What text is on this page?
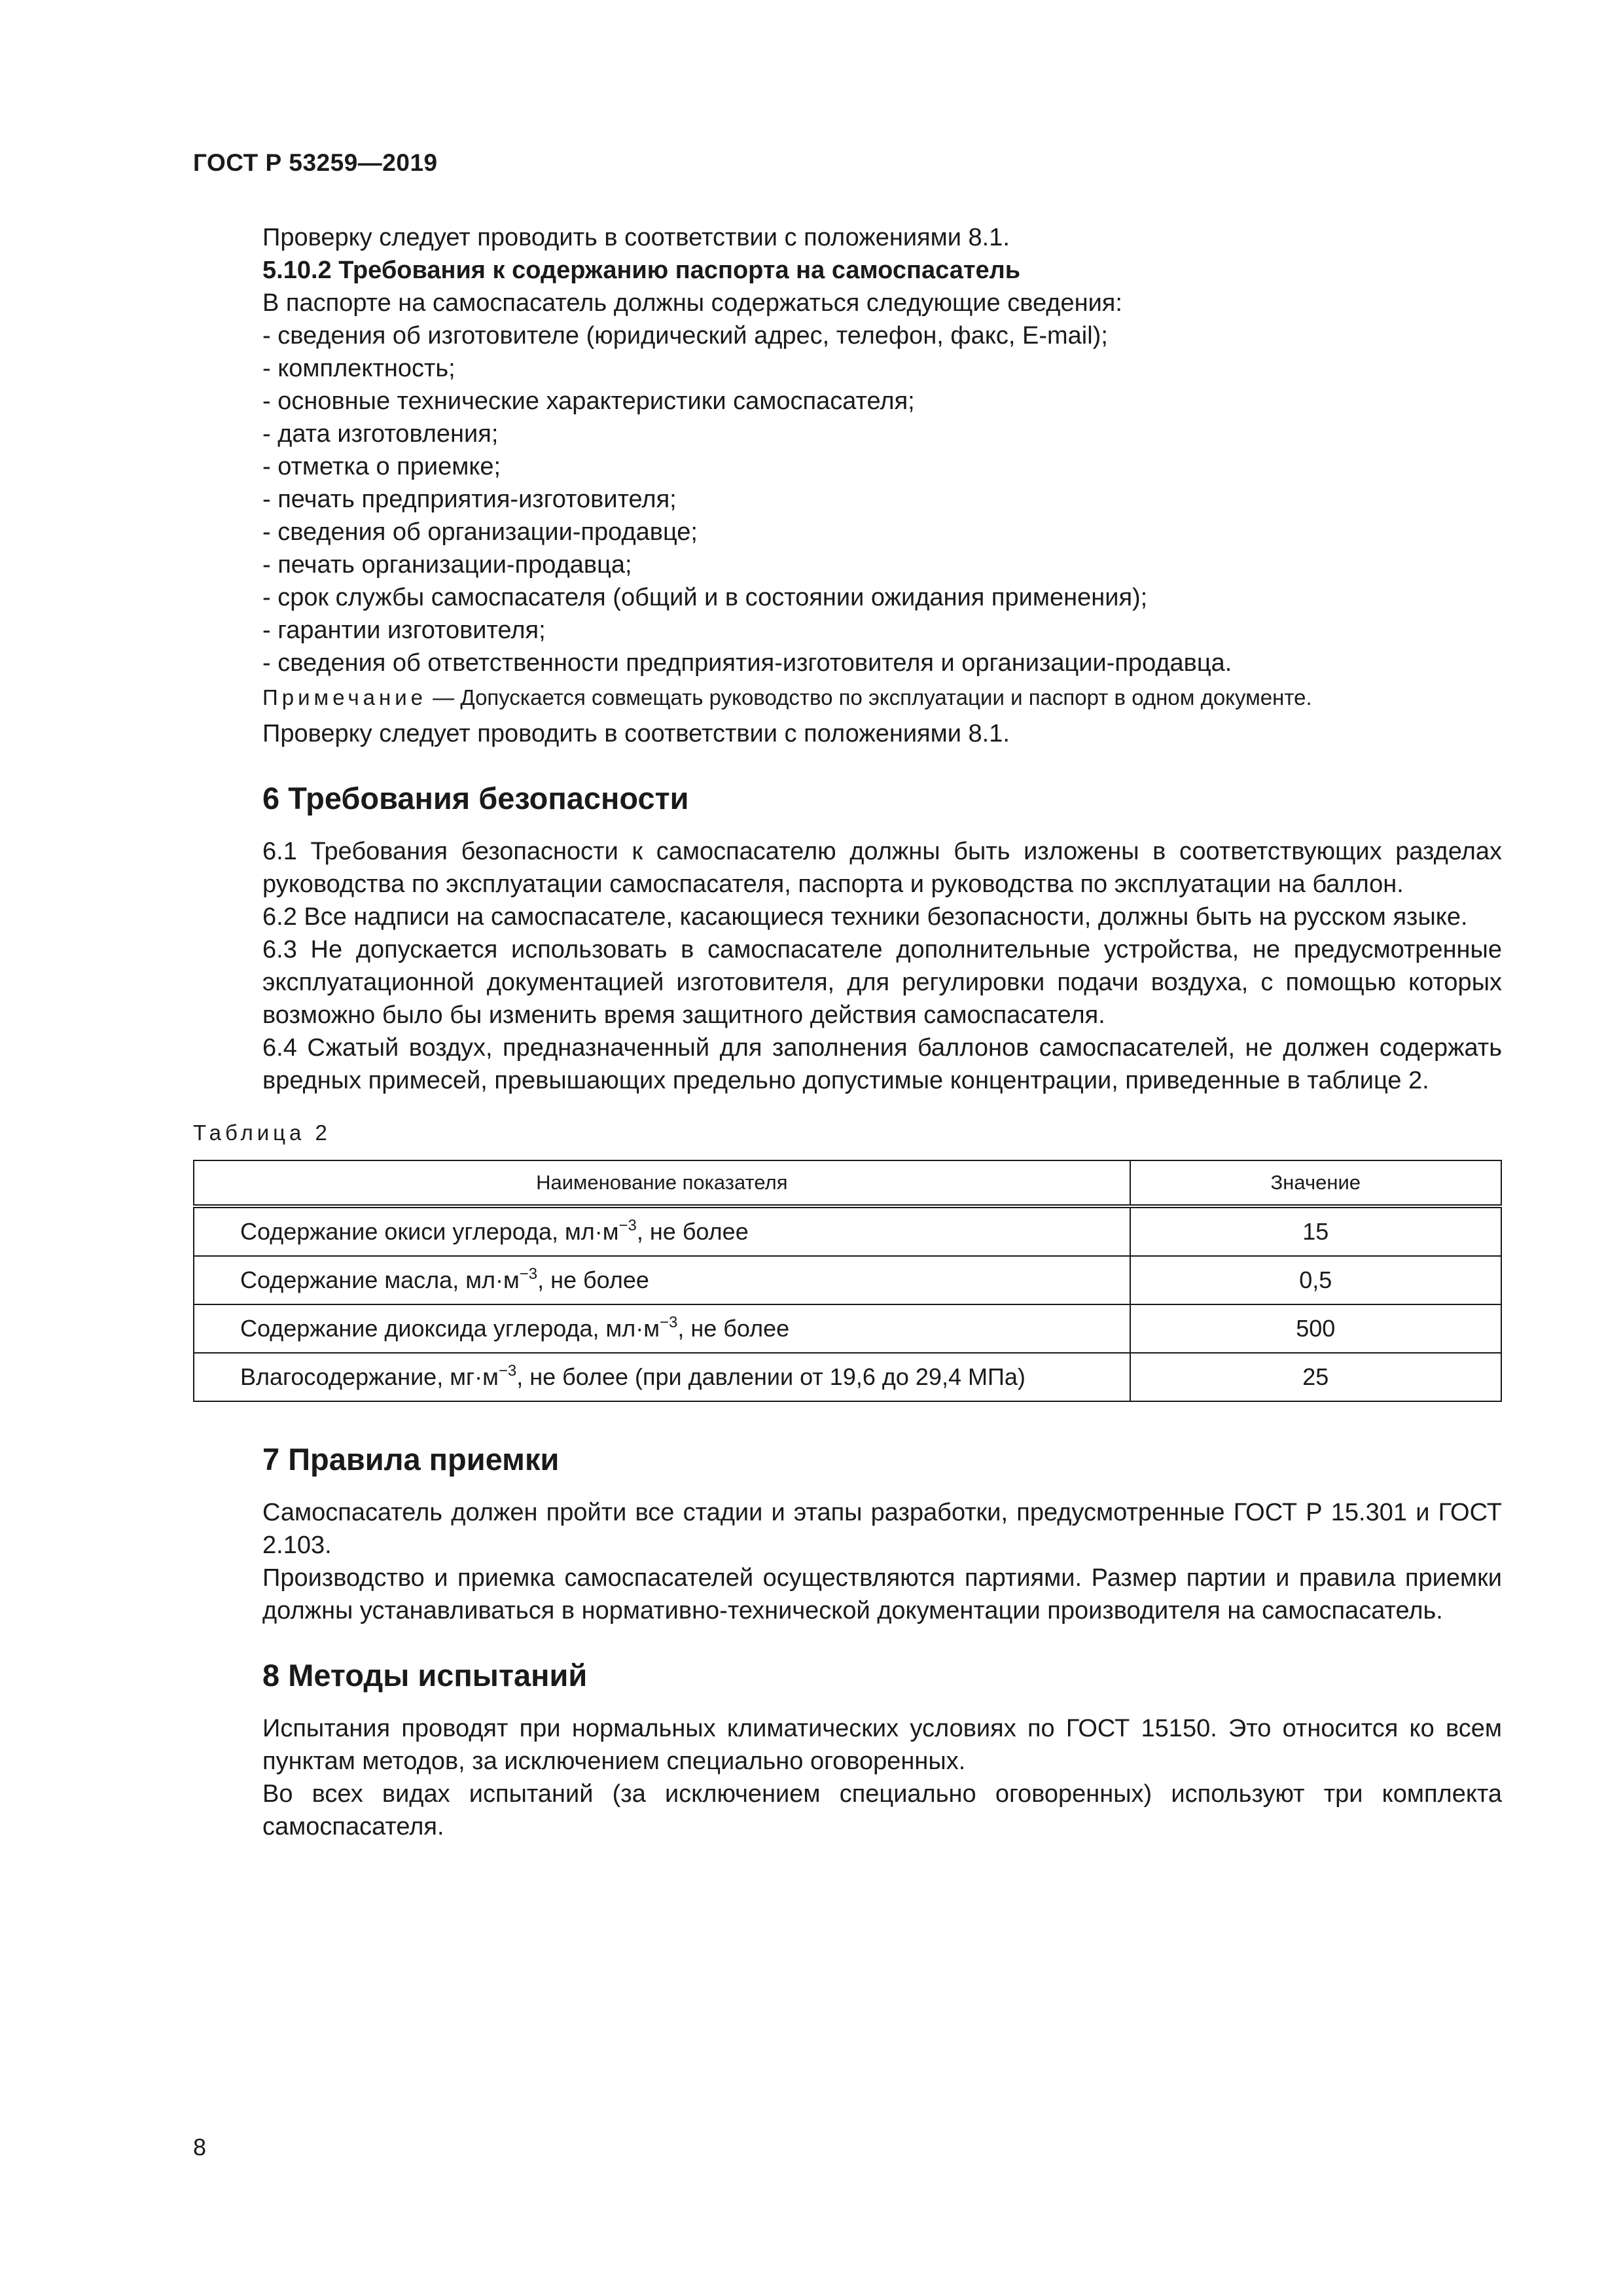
ГОСТ Р 53259—2019

Проверку следует проводить в соответствии с положениями 8.1.

5.10.2 Требования к содержанию паспорта на самоспасатель

В паспорте на самоспасатель должны содержаться следующие сведения:

- сведения об изготовителе (юридический адрес, телефон, факс, E-mail);

- комплектность;

- основные технические характеристики самоспасателя;

- дата изготовления;

- отметка о приемке;

- печать предприятия-изготовителя;

- сведения об организации-продавце;

- печать организации-продавца;

- срок службы самоспасателя (общий и в состоянии ожидания применения);

- гарантии изготовителя;

- сведения об ответственности предприятия-изготовителя и организации-продавца.

Примечание — Допускается совмещать руководство по эксплуатации и паспорт в одном документе.

Проверку следует проводить в соответствии с положениями 8.1.

6 Требования безопасности

6.1 Требования безопасности к самоспасателю должны быть изложены в соответствующих разделах руководства по эксплуатации самоспасателя, паспорта и руководства по эксплуатации на баллон.

6.2 Все надписи на самоспасателе, касающиеся техники безопасности, должны быть на русском языке.

6.3 Не допускается использовать в самоспасателе дополнительные устройства, не предусмотренные эксплуатационной документацией изготовителя, для регулировки подачи воздуха, с помощью которых возможно было бы изменить время защитного действия самоспасателя.

6.4 Сжатый воздух, предназначенный для заполнения баллонов самоспасателей, не должен содержать вредных примесей, превышающих предельно допустимые концентрации, приведенные в таблице 2.

Таблица 2
Наименование показателя	Значение
Содержание окиси углерода, $мл\cdot м^{-3}$, не более	15
Содержание масла, $мл\cdot м^{-3}$, не более	0,5
Содержание диоксида углерода, $мл\cdot м^{-3}$, не более	500
Влагосодержание, $мг\cdot м^{-3}$, не более (при давлении от 19,6 до 29,4 МПа)	25
7 Правила приемки

Самоспасатель должен пройти все стадии и этапы разработки, предусмотренные ГОСТ Р 15.301 и ГОСТ 2.103.

Производство и приемка самоспасателей осуществляются партиями. Размер партии и правила приемки должны устанавливаться в нормативно-технической документации производителя на самоспасатель.

8 Методы испытаний

Испытания проводят при нормальных климатических условиях по ГОСТ 15150. Это относится ко всем пунктам методов, за исключением специально оговоренных.

Во всех видах испытаний (за исключением специально оговоренных) используют три комплекта самоспасателя.

8
